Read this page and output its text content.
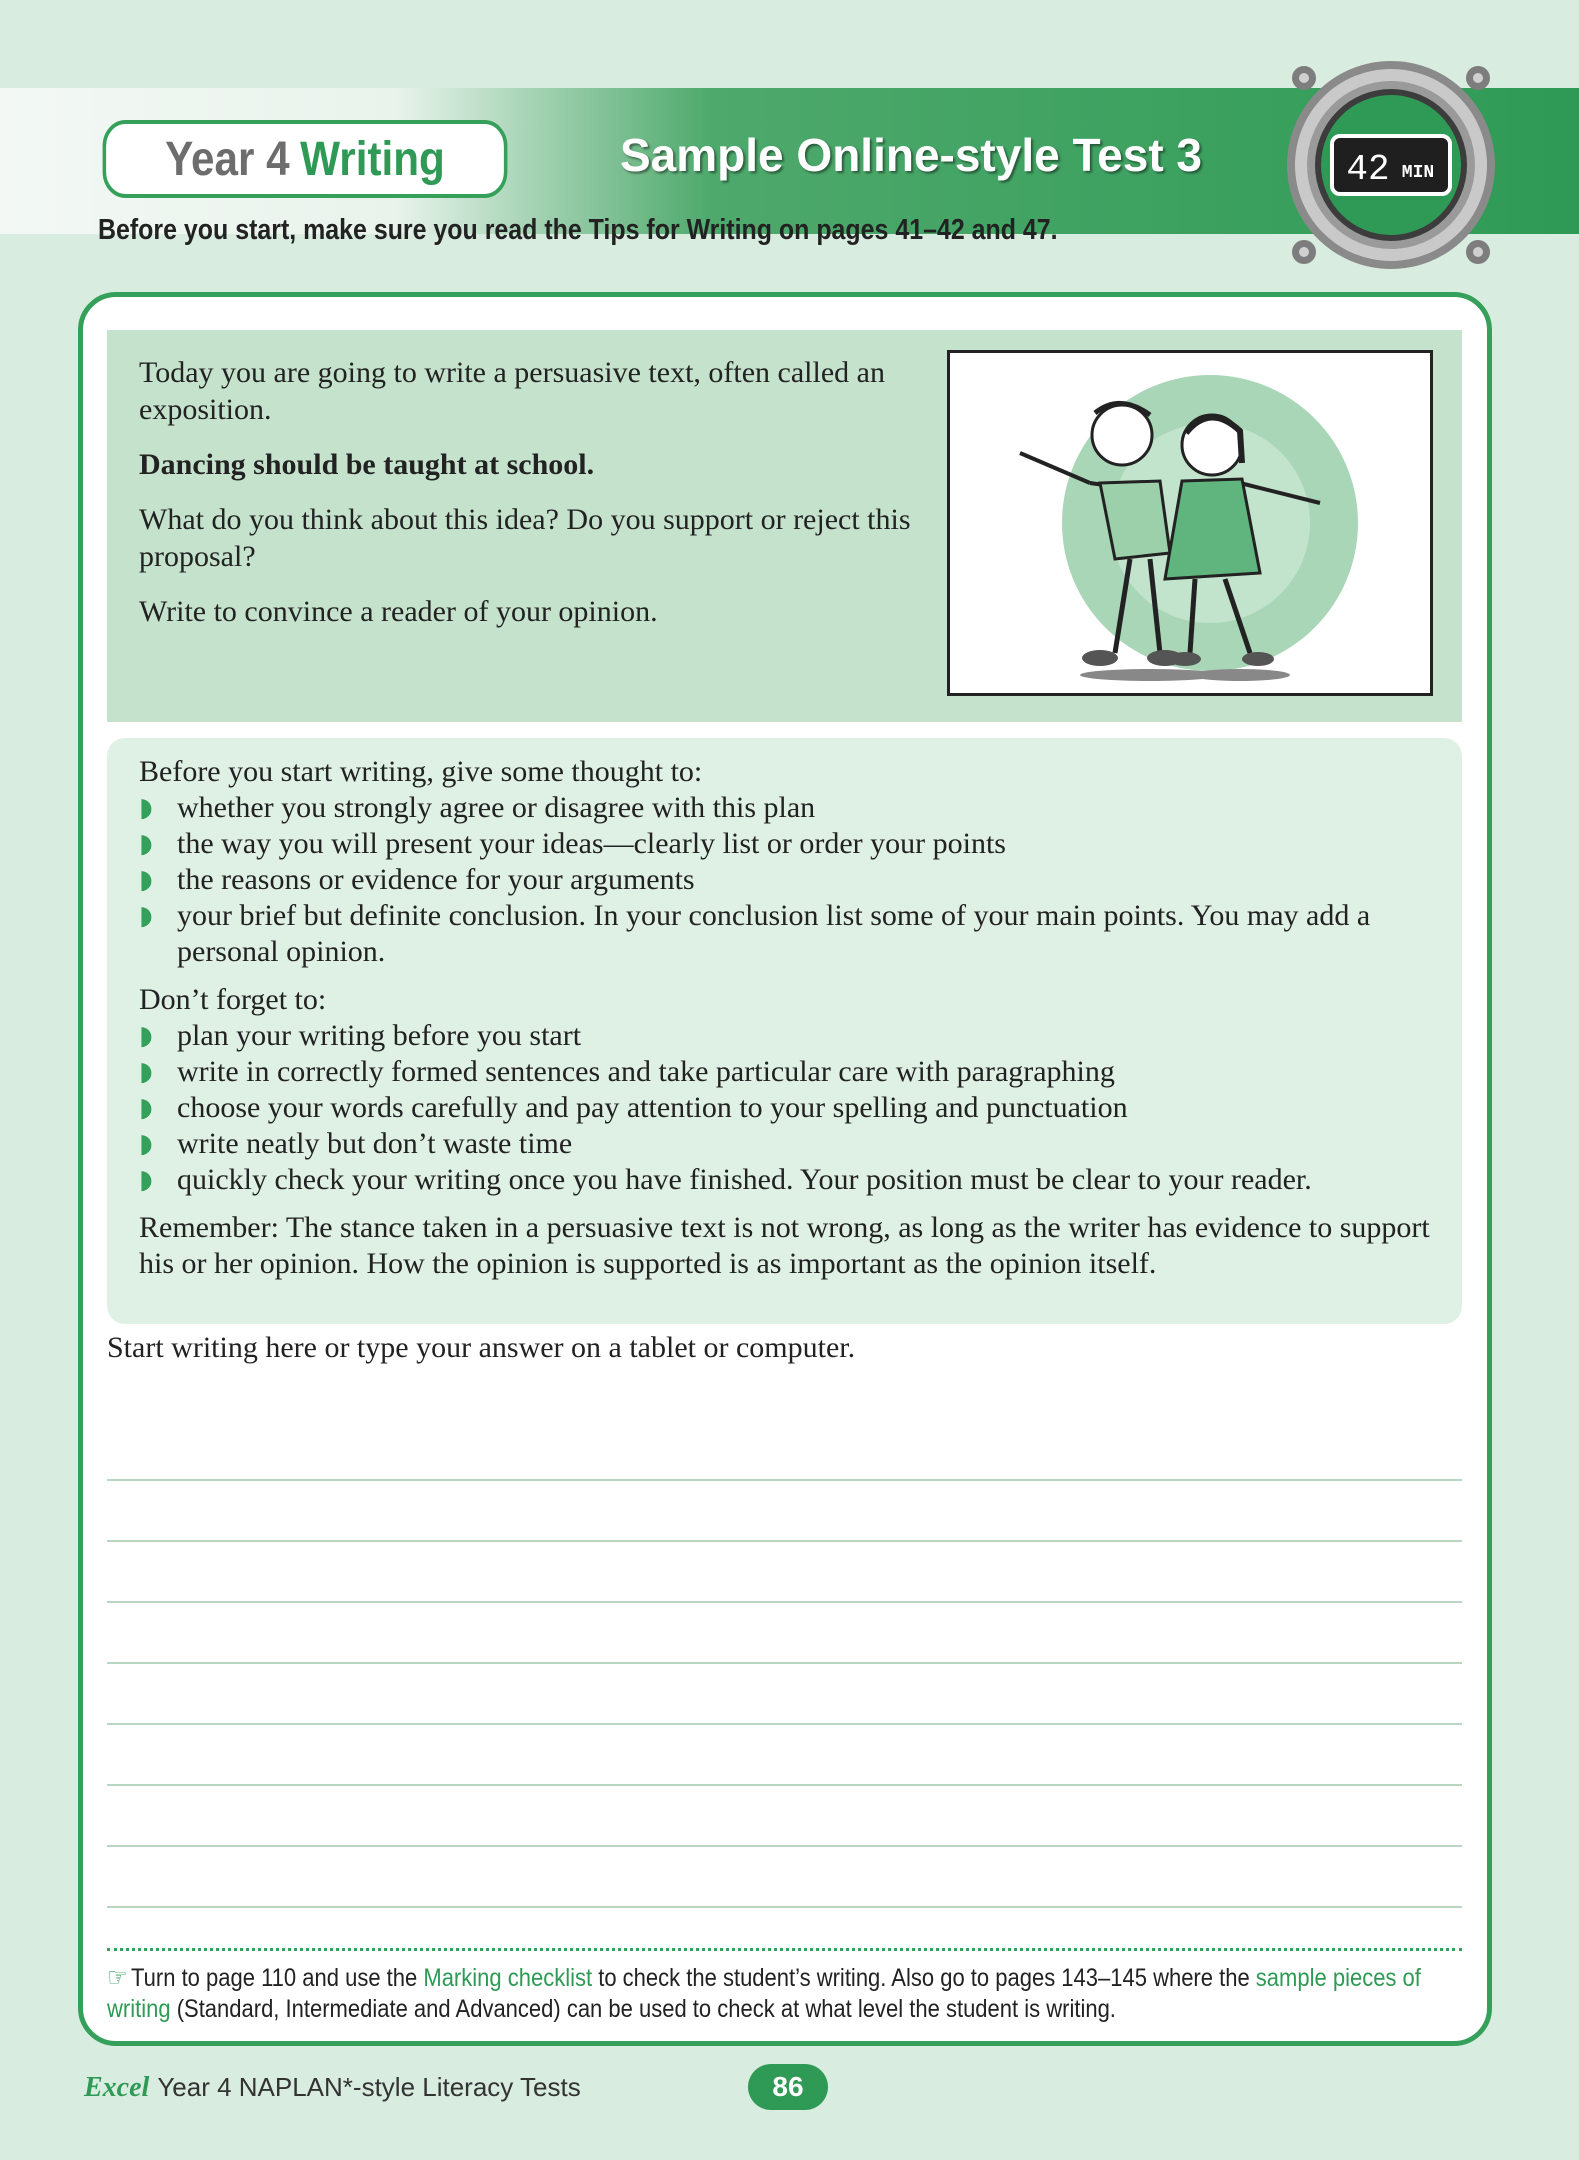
Year 4 Writing	Sample Online-style Test 3	42 MIN
Before you start, make sure you read the Tips for Writing on pages 41–42 and 47.

Today you are going to write a persuasive text, often called an exposition.

Dancing should be taught at school.

What do you think about this idea? Do you support or reject this proposal?

Write to convince a reader of your opinion.

Before you start writing, give some thought to:

◗ whether you strongly agree or disagree with this plan
◗ the way you will present your ideas—clearly list or order your points
◗ the reasons or evidence for your arguments
◗ your brief but definite conclusion. In your conclusion list some of your main points. You may add a personal opinion.

Don’t forget to:

◗ plan your writing before you start
◗ write in correctly formed sentences and take particular care with paragraphing
◗ choose your words carefully and pay attention to your spelling and punctuation
◗ write neatly but don’t waste time
◗ quickly check your writing once you have finished. Your position must be clear to your reader.

Remember: The stance taken in a persuasive text is not wrong, as long as the writer has evidence to support his or her opinion. How the opinion is supported is as important as the opinion itself.

Start writing here or type your answer on a tablet or computer.
☞ Turn to page 110 and use the Marking checklist to check the student’s writing. Also go to pages 143–145 where the sample pieces of writing (Standard, Intermediate and Advanced) can be used to check at what level the student is writing.
Excel Year 4 NAPLAN*-style Literacy Tests	86
